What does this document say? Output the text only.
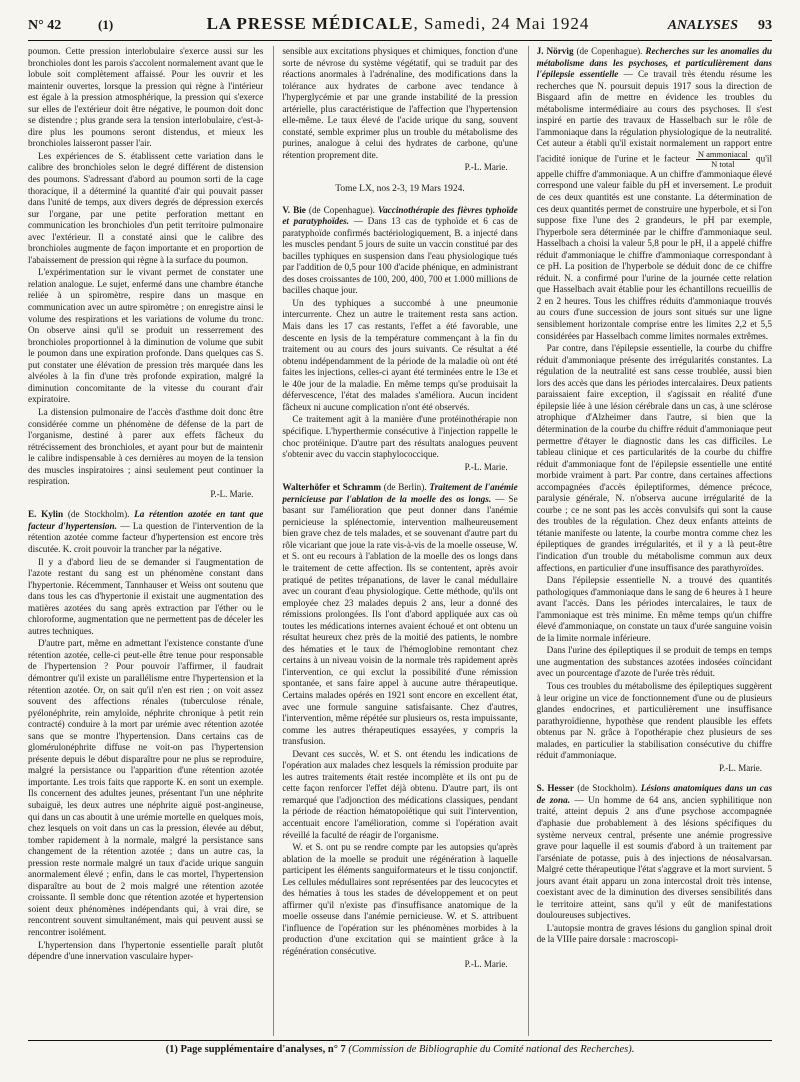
N° 42	(1)	LA PRESSE MÉDICALE, Samedi, 24 Mai 1924	ANALYSES	93

poumon. Cette pression interlobulaire s'exerce aussi sur les bronchioles dont les parois s'accolent normalement avant que le lobule soit complètement affaissé. Pour les ouvrir et les maintenir ouvertes, lorsque la pression qui règne à l'intérieur est égale à la pression atmosphérique, la pression qui s'exerce sur elles de l'extérieur doit être négative, le poumon doit donc se distendre ; plus grande sera la tension interlobulaire, c'est-à-dire plus les poumons seront distendus, et mieux les bronchioles laisseront passer l'air.

Les expériences de S. établissent cette variation dans le calibre des bronchioles selon le degré différent de distension des poumons. S'adressant d'abord au poumon sorti de la cage thoracique, il a déterminé la quantité d'air qui pouvait passer dans l'unité de temps, aux divers degrés de dépression exercés sur l'organe, par une petite perforation mettant en communication les bronchioles d'un petit territoire pulmonaire avec l'extérieur. Il a constaté ainsi que le calibre des bronchioles augmente de façon importante et en proportion de l'abaissement de pression qui règne à la surface du poumon.

L'expérimentation sur le vivant permet de constater une relation analogue. Le sujet, enfermé dans une chambre étanche reliée à un spiromètre, respire dans un masque en communication avec un autre spiromètre ; on enregistre ainsi le volume des respirations et les variations de volume du tronc. On observe ainsi qu'il se produit un resserrement des bronchioles proportionnel à la diminution de volume que subit le poumon dans une expiration profonde. Dans quelques cas S. put constater une élévation de pression très marquée dans les alvéoles à la fin d'une très profonde expiration, malgré la diminution concomitante de la vitesse du courant d'air expiratoire.

La distension pulmonaire de l'accès d'asthme doit donc être considérée comme un phénomène de défense de la part de l'organisme, destiné à parer aux effets fâcheux du rétrécissement des bronchioles, et ayant pour but de maintenir le calibre indispensable à ces dernières au moyen de la tension des muscles inspiratoires ; ainsi seulement peut continuer la respiration.

P.-L. Marie.

E. Kylin (de Stockholm). La rétention azotée en tant que facteur d'hypertension. — La question de l'intervention de la rétention azotée comme facteur d'hypertension est encore très discutée. K. croit pouvoir la trancher par la négative.

Il y a d'abord lieu de se demander si l'augmentation de l'azote restant du sang est un phénomène constant dans l'hypertonie. Récemment, Tannhauser et Weiss ont soutenu que dans tous les cas d'hypertonie il existait une augmentation des matières azotées du sang après extraction par l'éther ou le chloroforme, augmentation que ne permettent pas de déceler les autres techniques.

D'autre part, même en admettant l'existence constante d'une rétention azotée, celle-ci peut-elle être tenue pour responsable de l'hypertension ? Pour pouvoir l'affirmer, il faudrait démontrer qu'il existe un parallélisme entre l'hypertension et la rétention azotée. Or, on sait qu'il n'en est rien ; on voit assez souvent des affections rénales (tuberculose rénale, pyélonéphrite, rein amyloïde, néphrite chronique à petit rein contracté) conduire à la mort par urémie avec rétention azotée sans que se montre l'hypertension. Dans certains cas de glomérulonéphrite diffuse ne voit-on pas l'hypertension présente depuis le début disparaître pour ne plus se reproduire, malgré la persistance ou l'apparition d'une rétention azotée importante. Les trois faits que rapporte K. en sont un exemple. Ils concernent des adultes jeunes, présentant l'un une néphrite subaiguë, les deux autres une néphrite aiguë post-angineuse, qui dans un cas aboutit à une urémie mortelle en quelques mois, chez lesquels on voit dans un cas la pression, élevée au début, tomber rapidement à la normale, malgré la persistance sans changement de la rétention azotée ; dans un autre cas, la pression reste normale malgré un taux d'acide urique sanguin anormalement élevé ; enfin, dans le cas mortel, l'hypertension disparaître au bout de 2 mois malgré une rétention azotée croissante. Il semble donc que rétention azotée et hypertension soient deux phénomènes indépendants qui, à vrai dire, se rencontrent souvent simultanément, mais qui peuvent aussi se rencontrer isolément.

L'hypertension dans l'hypertonie essentielle paraît plutôt dépendre d'une innervation vasculaire hyper-

sensible aux excitations physiques et chimiques, fonction d'une sorte de névrose du système végétatif, qui se traduit par des réactions anormales à l'adrénaline, des modifications dans la tolérance aux hydrates de carbone avec tendance à l'hyperglycémie et par une grande instabilité de la pression artérielle, plus caractéristique de l'affection que l'hypertension elle-même. Le taux élevé de l'acide urique du sang, souvent constaté, semble exprimer plus un trouble du métabolisme des purines, analogue à celui des hydrates de carbone, qu'une rétention proprement dite.

P.-L. Marie.
Tome LX, nos 2-3, 19 Mars 1924.

V. Bie (de Copenhague). Vaccinothérapie des fièvres typhoïde et paratyphoïdes. — Dans 13 cas de typhoïde et 6 cas de paratyphoïde confirmés bactériologiquement, B. a injecté dans les muscles pendant 5 jours de suite un vaccin constitué par des bacilles typhiques en suspension dans l'eau physiologique tués par l'addition de 0,5 pour 100 d'acide phénique, en administrant des doses croissantes de 100, 200, 400, 700 et 1.000 millions de bacilles chaque jour.

Un des typhiques a succombé à une pneumonie intercurrente. Chez un autre le traitement resta sans action. Mais dans les 17 cas restants, l'effet a été favorable, une descente en lysis de la température commençant à la fin du traitement ou au cours des jours suivants. Ce résultat a été obtenu indépendamment de la période de la maladie où ont été faites les injections, celles-ci ayant été terminées entre le 13e et le 40e jour de la maladie. En même temps qu'se produisait la défervescence, l'état des malades s'améliora. Aucun incident fâcheux ni aucune complication n'ont été observés.

Ce traitement agit à la manière d'une protéinothérapie non spécifique. L'hyperthermie consécutive à l'injection rappelle le choc protéinique. D'autre part des résultats analogues peuvent s'obtenir avec du vaccin staphylococcique.

P.-L. Marie.

Walterhöfer et Schramm (de Berlin). Traitement de l'anémie pernicieuse par l'ablation de la moelle des os longs. — Se basant sur l'amélioration que peut donner dans l'anémie pernicieuse la splénectomie, intervention malheureusement bien grave chez de tels malades, et se souvenant d'autre part du rôle vicariant que joue la rate vis-à-vis de la moelle osseuse, W. et S. ont eu recours à l'ablation de la moelle des os longs dans le traitement de cette affection. Ils se contentent, après avoir pratiqué de petites trépanations, de laver le canal médullaire avec un courant d'eau physiologique. Cette méthode, qu'ils ont employée chez 23 malades depuis 2 ans, leur a donné des rémissions prolongées. Ils l'ont d'abord appliquée aux cas où toutes les médications internes avaient échoué et ont obtenu un résultat heureux chez près de la moitié des patients, le nombre des hématies et le taux de l'hémoglobine remontant chez certains à un niveau voisin de la normale très rapidement après l'intervention, ce qui exclut la possibilité d'une rémission spontanée, et sans faire appel à aucune autre thérapeutique. Certains malades opérés en 1921 sont encore en excellent état, avec une formule sanguine satisfaisante. Chez d'autres, l'intervention, même répétée sur plusieurs os, resta impuissante, comme les autres thérapeutiques essayées, y compris la transfusion.

Devant ces succès, W. et S. ont étendu les indications de l'opération aux malades chez lesquels la rémission produite par les autres traitements était restée incomplète et ils ont pu de cette façon renforcer l'effet déjà obtenu. D'autre part, ils ont remarqué que l'adjonction des médications classiques, pendant la période de réaction hématopoïétique qui suit l'intervention, accentuait encore l'amélioration, comme si l'opération avait réveillé la faculté de réagir de l'organisme.

W. et S. ont pu se rendre compte par les autopsies qu'après ablation de la moelle se produit une régénération à laquelle participent les éléments sanguiformateurs et le tissu conjonctif. Les cellules médullaires sont représentées par des leucocytes et des hématies à tous les stades de développement et on peut affirmer qu'il n'existe pas d'insuffisance anatomique de la moelle osseuse dans l'anémie pernicieuse. W. et S. attribuent l'influence de l'opération sur les phénomènes morbides à la production d'une excitation qui se maintient grâce à la régénération consécutive.

P.-L. Marie.

J. Nörvig (de Copenhague). Recherches sur les anomalies du métabolisme dans les psychoses, et particulièrement dans l'épilepsie essentielle — Ce travail très étendu résume les recherches que N. poursuit depuis 1917 sous la direction de Bisgaard afin de mettre en évidence les troubles du métabolisme intermédiaire au cours des psychoses. Il s'est inspiré en partie des travaux de Hasselbach sur le rôle de l'ammoniaque dans la régulation physiologique de la neutralité. Cet auteur a établi qu'il existait normalement un rapport entre l'acidité ionique de l'urine et le facteur $\frac{\text{N ammoniacal}}{\text{N total}} qu'il$ appelle chiffre d'ammoniaque. A un chiffre d'ammoniaque élevé correspond une valeur faible du pH et inversement. Le produit de ces deux quantités est une constante. La détermination de ces deux quantités permet de construire une hyperbole, et si l'on suppose fixe l'une des 2 grandeurs, le pH par exemple, l'hyperbole sera déterminée par le chiffre d'ammoniaque seul. Hasselbach a choisi la valeur 5,8 pour le pH, il a appelé chiffre réduit d'ammoniaque le chiffre d'ammoniaque correspondant à ce pH. La position de l'hyperbole se déduit donc de ce chiffre réduit. N. a confirmé pour l'urine de la journée cette relation que Hasselbach avait établie pour les échantillons recueillis de 2 en 2 heures. Tous les chiffres réduits d'ammoniaque trouvés au cours d'une succession de jours sont situés sur une ligne sensiblement horizontale comprise entre les limites 2,2 et 5,5 considérées par Hasselbach comme limites normales extrêmes.

Par contre, dans l'épilepsie essentielle, la courbe du chiffre réduit d'ammoniaque présente des irrégularités constantes. La régulation de la neutralité est sans cesse troublée, aussi bien lors des accès que dans les périodes intercalaires. Deux patients paraissaient faire exception, il s'agissait en réalité d'une épilepsie liée à une lésion cérébrale dans un cas, à une sclérose atrophique d'Alzheimer dans l'autre, si bien que la détermination de la courbe du chiffre réduit d'ammoniaque peut permettre d'étayer le diagnostic dans les cas difficiles. Le tableau clinique et ces particularités de la courbe du chiffre réduit d'ammoniaque font de l'épilepsie essentielle une entité morbide vraiment à part. Par contre, dans certaines affections accompagnées d'accès épileptiformes, démence précoce, paralysie générale, N. n'observa aucune irrégularité de la courbe ; ce ne sont pas les accès convulsifs qui sont la cause des troubles de la régulation. Chez deux enfants atteints de tétanie manifeste ou latente, la courbe montra comme chez les épileptiques de grandes irrégularités, et il y a là peut-être l'indication d'un trouble du métabolisme commun aux deux affections, en particulier d'une insuffisance des parathyroïdes.

Dans l'épilepsie essentielle N. a trouvé des quantités pathologiques d'ammoniaque dans le sang de 6 heures à 1 heure avant l'accès. Dans les périodes intercalaires, le taux de l'ammoniaque est très minime. En même temps qu'un chiffre élevé d'ammoniaque, on constate un taux d'urée sanguine voisin de la limite normale inférieure.

Dans l'urine des épileptiques il se produit de temps en temps une augmentation des substances azotées indosées coïncidant avec un pourcentage d'azote de l'urée très réduit.

Tous ces troubles du métabolisme des épileptiques suggèrent à leur origine un vice de fonctionnement d'une ou de plusieurs glandes endocrines, et particulièrement une insuffisance parathyroïdienne, hypothèse que rendent plausible les effets obtenus par N. grâce à l'opothérapie chez plusieurs de ses malades, en particulier la stabilisation consécutive du chiffre réduit d'ammoniaque.

P.-L. Marie.

S. Hesser (de Stockholm). Lésions anatomiques dans un cas de zona. — Un homme de 64 ans, ancien syphilitique non traité, atteint depuis 2 ans d'une psychose accompagnée d'aphasie due probablement à des lésions spécifiques du système nerveux central, présente une anémie progressive grave pour laquelle il est soumis d'abord à un traitement par l'arséniate de potasse, puis à des injections de néosalvarsan. Malgré cette thérapeutique l'état s'aggrave et la mort survient. 5 jours avant était apparu un zona intercostal droit très intense, coexistant avec de la diminution des diverses sensibilités dans le territoire atteint, sans qu'il y eût de manifestations douloureuses subjectives.

L'autopsie montra de graves lésions du ganglion spinal droit de la VIIIe paire dorsale : macroscopi-

(1) Page supplémentaire d'analyses, n° 7 (Commission de Bibliographie du Comité national des Recherches).
